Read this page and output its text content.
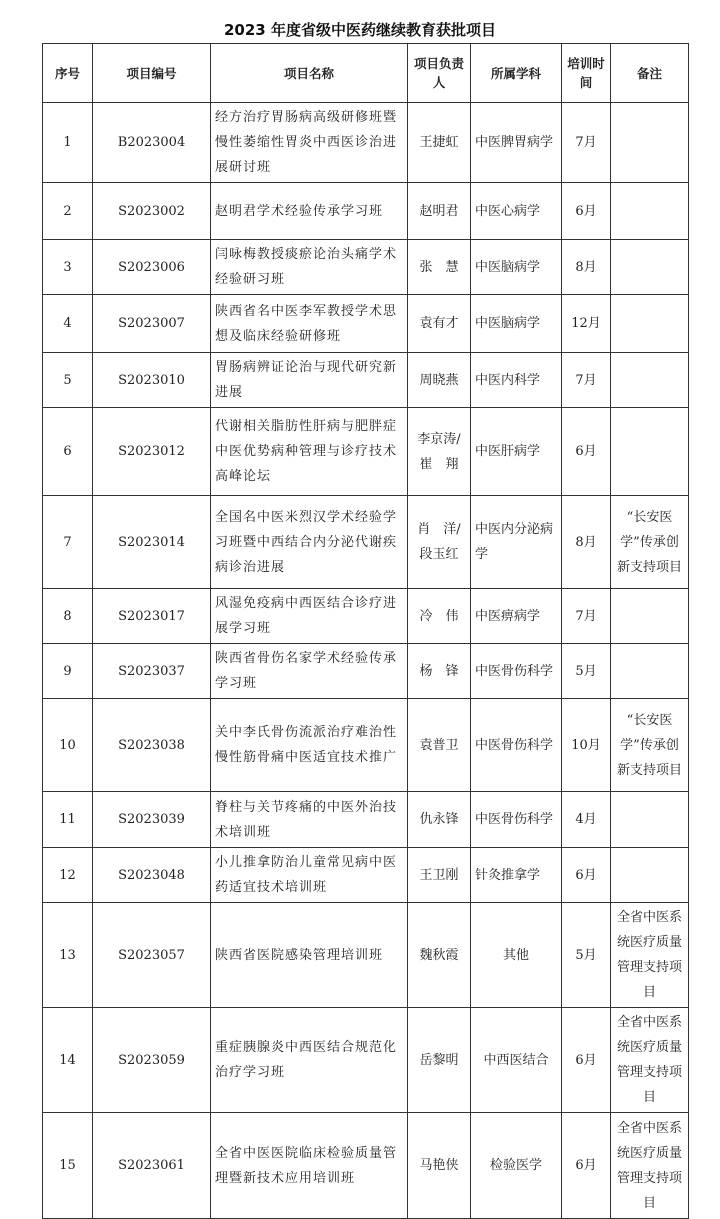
2023 年度省级中医药继续教育获批项目
序号	项目编号	项目名称	项目负责人	所属学科	培训时间	备注
1	B2023004	经方治疗胃肠病高级研修班暨慢性萎缩性胃炎中西医诊治进展研讨班	王捷虹	中医脾胃病学	7月	
2	S2023002	赵明君学术经验传承学习班	赵明君	中医心病学	6月	
3	S2023006	闫咏梅教授痰瘀论治头痛学术经验研习班	张　慧	中医脑病学	8月	
4	S2023007	陕西省名中医李军教授学术思想及临床经验研修班	袁有才	中医脑病学	12月	
5	S2023010	胃肠病辨证论治与现代研究新进展	周晓燕	中医内科学	7月	
6	S2023012	代谢相关脂肪性肝病与肥胖症中医优势病种管理与诊疗技术高峰论坛	李京涛/崔　翔	中医肝病学	6月	
7	S2023014	全国名中医米烈汉学术经验学习班暨中西结合内分泌代谢疾病诊治进展	肖　洋/段玉红	中医内分泌病学	8月	“长安医学”传承创新支持项目
8	S2023017	风湿免疫病中西医结合诊疗进展学习班	冷　伟	中医痹病学	7月	
9	S2023037	陕西省骨伤名家学术经验传承学习班	杨　锋	中医骨伤科学	5月	
10	S2023038	关中李氏骨伤流派治疗难治性慢性筋骨痛中医适宜技术推广	袁普卫	中医骨伤科学	10月	“长安医学”传承创新支持项目
11	S2023039	脊柱与关节疼痛的中医外治技术培训班	仇永锋	中医骨伤科学	4月	
12	S2023048	小儿推拿防治儿童常见病中医药适宜技术培训班	王卫刚	针灸推拿学	6月	
13	S2023057	陕西省医院感染管理培训班	魏秋霞	其他	5月	全省中医系统医疗质量管理支持项目
14	S2023059	重症胰腺炎中西医结合规范化治疗学习班	岳黎明	中西医结合	6月	全省中医系统医疗质量管理支持项目
15	S2023061	全省中医医院临床检验质量管理暨新技术应用培训班	马艳侠	检验医学	6月	全省中医系统医疗质量管理支持项目
